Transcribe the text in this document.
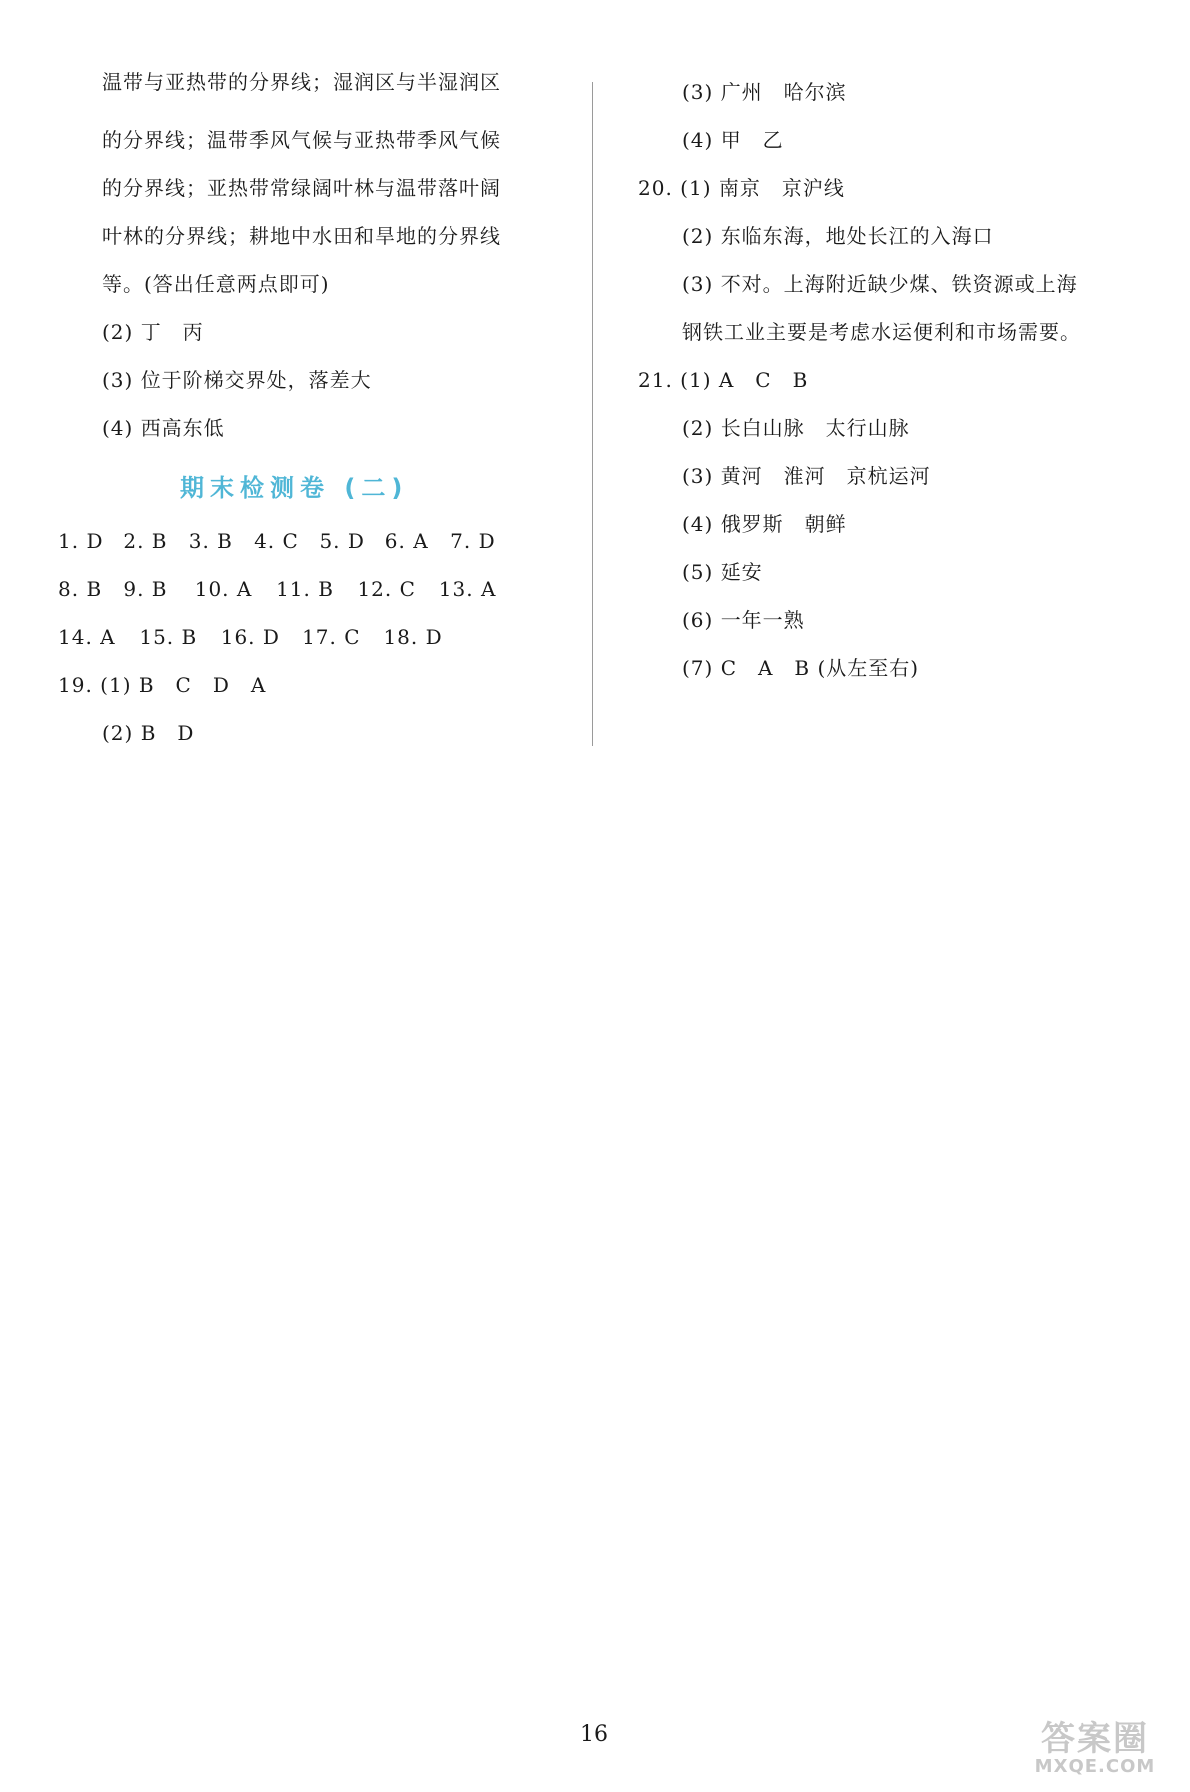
温带与亚热带的分界线；湿润区与半湿润区
的分界线；温带季风气候与亚热带季风气候
的分界线；亚热带常绿阔叶林与温带落叶阔
叶林的分界线；耕地中水田和旱地的分界线
等。(答出任意两点即可)
(2) 丁　丙
(3) 位于阶梯交界处，落差大
(4) 西高东低
期末检测卷 (二)
1. D 2. B 3. B 4. C 5. D 6. A 7. D
8. B 9. B 10. A 11. B 12. C 13. A
14. A 15. B 16. D 17. C 18. D
19. (1) B　C　D　A
(2) B　D
(3) 广州　哈尔滨
(4) 甲　乙
20. (1) 南京　京沪线
(2) 东临东海，地处长江的入海口
(3) 不对。上海附近缺少煤、铁资源或上海
钢铁工业主要是考虑水运便利和市场需要。
21. (1) A　C　B
(2) 长白山脉　太行山脉
(3) 黄河　淮河　京杭运河
(4) 俄罗斯　朝鲜
(5) 延安
(6) 一年一熟
(7) C　A　B (从左至右)
16	答案圈
MXQE.COM
